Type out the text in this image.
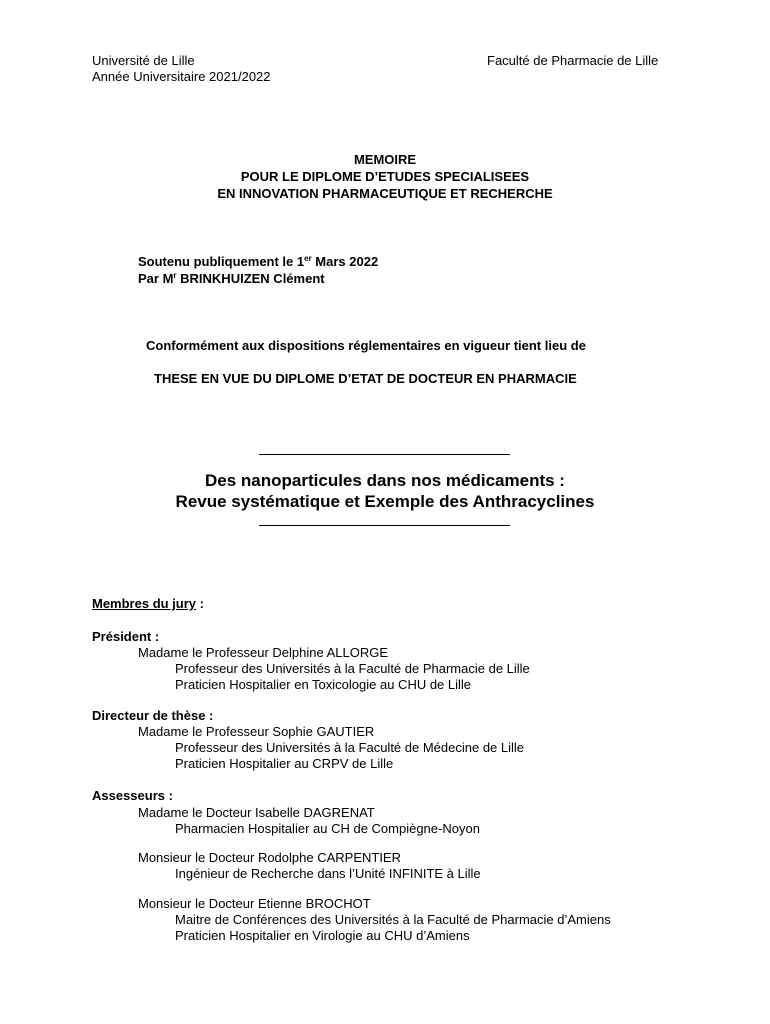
Université de Lille
Année Universitaire 2021/2022
Faculté de Pharmacie de Lille
MEMOIRE
POUR LE DIPLOME D’ETUDES SPECIALISEES
EN INNOVATION PHARMACEUTIQUE ET RECHERCHE
Soutenu publiquement le 1er Mars 2022
Par $M^r$ BRINKHUIZEN Clément
Conformément aux dispositions réglementaires en vigueur tient lieu de
THESE EN VUE DU DIPLOME D’ETAT DE DOCTEUR EN PHARMACIE
Des nanoparticules dans nos médicaments :
Revue systématique et Exemple des Anthracyclines
Membres du jury :
Président :
Madame le Professeur Delphine ALLORGE
Professeur des Universités à la Faculté de Pharmacie de Lille
Praticien Hospitalier en Toxicologie au CHU de Lille
Directeur de thèse :
Madame le Professeur Sophie GAUTIER
Professeur des Universités à la Faculté de Médecine de Lille
Praticien Hospitalier au CRPV de Lille
Assesseurs :
Madame le Docteur Isabelle DAGRENAT
Pharmacien Hospitalier au CH de Compiègne-Noyon
Monsieur le Docteur Rodolphe CARPENTIER
Ingénieur de Recherche dans l’Unité INFINITE à Lille
Monsieur le Docteur Etienne BROCHOT
Maitre de Conférences des Universités à la Faculté de Pharmacie d’Amiens
Praticien Hospitalier en Virologie au CHU d’Amiens
